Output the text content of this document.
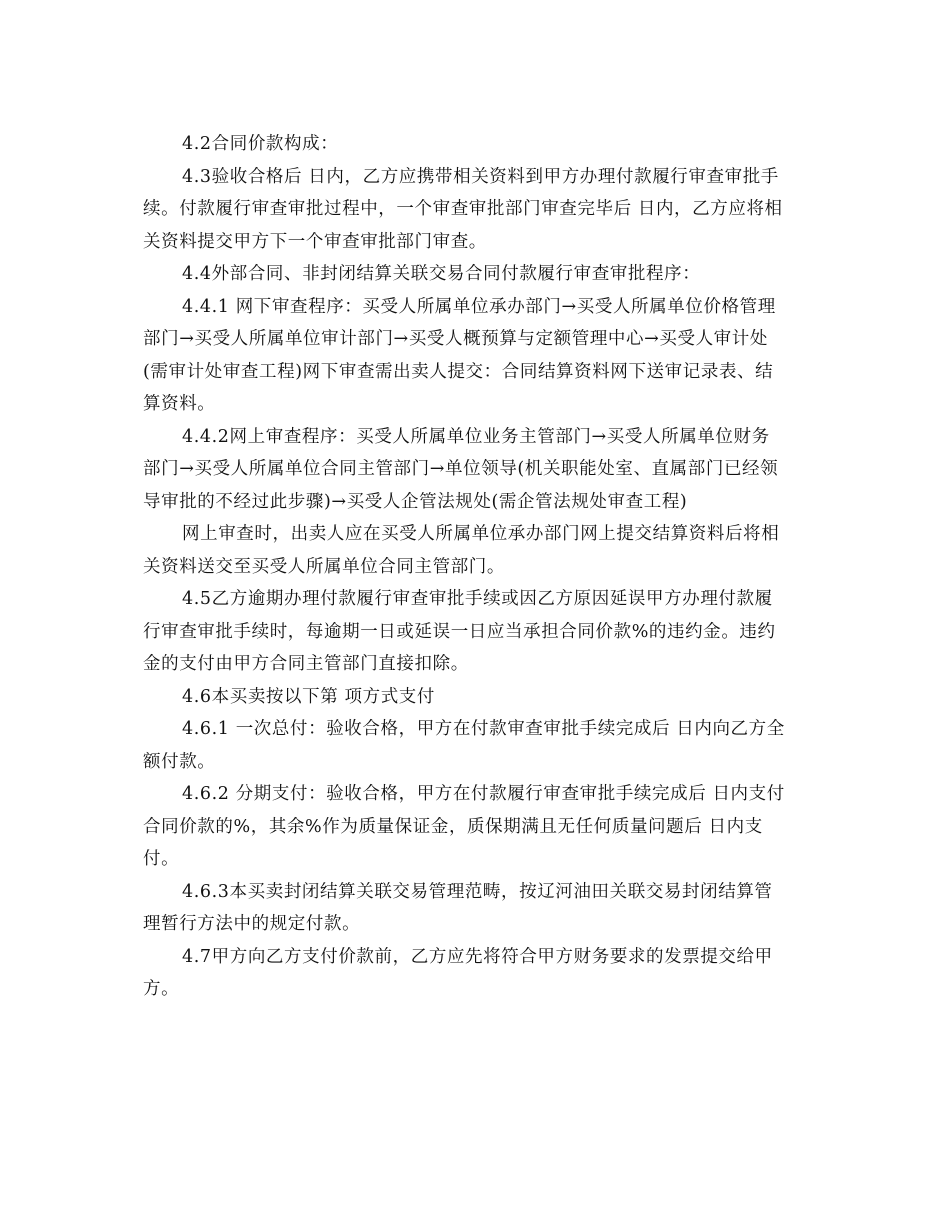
4.2合同价款构成：

4.3验收合格后 日内，乙方应携带相关资料到甲方办理付款履行审查审批手
续。付款履行审查审批过程中，一个审查审批部门审查完毕后 日内，乙方应将相
关资料提交甲方下一个审查审批部门审查。

4.4外部合同、非封闭结算关联交易合同付款履行审查审批程序：

4.4.1 网下审查程序：买受人所属单位承办部门→买受人所属单位价格管理
部门→买受人所属单位审计部门→买受人概预算与定额管理中心→买受人审计处
(需审计处审查工程)网下审查需出卖人提交：合同结算资料网下送审记录表、结
算资料。

4.4.2网上审查程序：买受人所属单位业务主管部门→买受人所属单位财务
部门→买受人所属单位合同主管部门→单位领导(机关职能处室、直属部门已经领
导审批的不经过此步骤)→买受人企管法规处(需企管法规处审查工程)

网上审查时，出卖人应在买受人所属单位承办部门网上提交结算资料后将相
关资料送交至买受人所属单位合同主管部门。

4.5乙方逾期办理付款履行审查审批手续或因乙方原因延误甲方办理付款履
行审查审批手续时，每逾期一日或延误一日应当承担合同价款%的违约金。违约
金的支付由甲方合同主管部门直接扣除。

4.6本买卖按以下第 项方式支付

4.6.1 一次总付：验收合格，甲方在付款审查审批手续完成后 日内向乙方全
额付款。

4.6.2 分期支付：验收合格，甲方在付款履行审查审批手续完成后 日内支付
合同价款的%，其余%作为质量保证金，质保期满且无任何质量问题后 日内支
付。

4.6.3本买卖封闭结算关联交易管理范畴，按辽河油田关联交易封闭结算管
理暂行方法中的规定付款。

4.7甲方向乙方支付价款前，乙方应先将符合甲方财务要求的发票提交给甲
方。
